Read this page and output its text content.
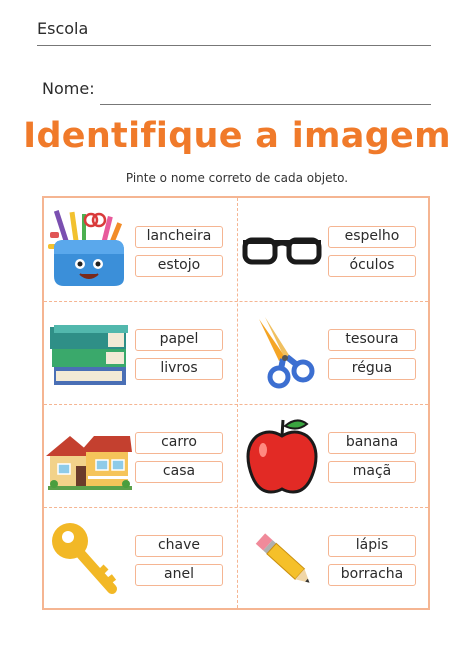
Escola
Nome:
Identifique a imagem
Pinte o nome correto de cada objeto.
lancheira
estojo
espelho
óculos
papel
livros
tesoura
régua
carro
casa
banana
maçã
chave
anel
lápis
borracha
